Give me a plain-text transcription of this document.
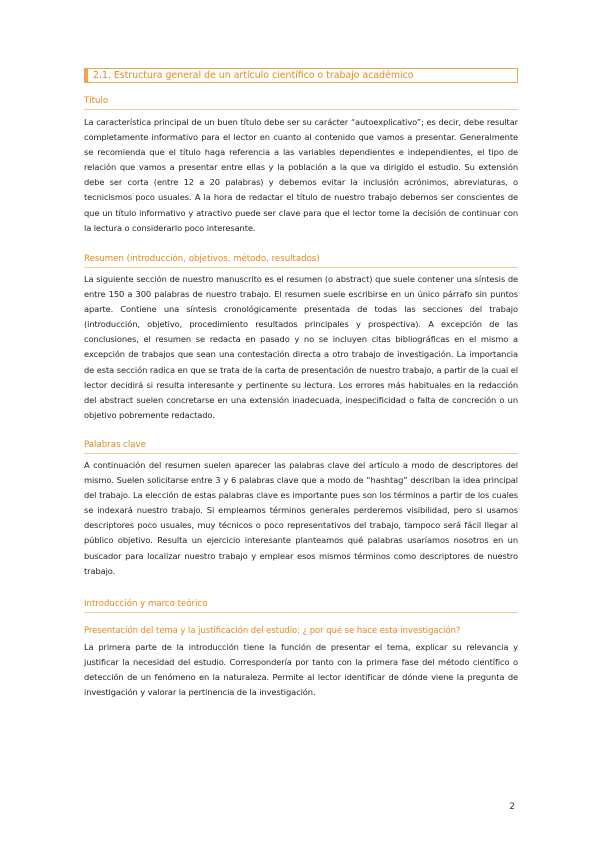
2.1. Estructura general de un artículo científico o trabajo académico
Título

La característica principal de un buen título debe ser su carácter “autoexplicativo”; es decir, debe resultar completamente informativo para el lector en cuanto al contenido que vamos a presentar. Generalmente se recomienda que el título haga referencia a las variables dependientes e independientes, el tipo de relación que vamos a presentar entre ellas y la población a la que va dirigido el estudio. Su extensión debe ser corta (entre 12 a 20 palabras) y debemos evitar la inclusión acrónimos, abreviaturas, o tecnicismos poco usuales. A la hora de redactar el título de nuestro trabajo debemos ser conscientes de que un título informativo y atractivo puede ser clave para que el lector tome la decisión de continuar con la lectura o considerarlo poco interesante.

Resumen (introducción, objetivos, método, resultados)

La siguiente sección de nuestro manuscrito es el resumen (o abstract) que suele contener una síntesis de entre 150 a 300 palabras de nuestro trabajo. El resumen suele escribirse en un único párrafo sin puntos aparte. Contiene una síntesis cronológicamente presentada de todas las secciones del trabajo (introducción, objetivo, procedimiento resultados principales y prospectiva). A excepción de las conclusiones, el resumen se redacta en pasado y no se incluyen citas bibliográficas en el mismo a excepción de trabajos que sean una contestación directa a otro trabajo de investigación. La importancia de esta sección radica en que se trata de la carta de presentación de nuestro trabajo, a partir de la cual el lector decidirá si resulta interesante y pertinente su lectura. Los errores más habituales en la redacción del abstract suelen concretarse en una extensión inadecuada, inespecificidad o falta de concreción o un objetivo pobremente redactado.

Palabras clave

A continuación del resumen suelen aparecer las palabras clave del artículo a modo de descriptores del mismo. Suelen solicitarse entre 3 y 6 palabras clave que a modo de “hashtag” describan la idea principal del trabajo. La elección de estas palabras clave es importante pues son los términos a partir de los cuales se indexará nuestro trabajo. Si empleamos términos generales perderemos visibilidad, pero si usamos descriptores poco usuales, muy técnicos o poco representativos del trabajo, tampoco será fácil llegar al público objetivo. Resulta un ejercicio interesante planteamos qué palabras usaríamos nosotros en un buscador para localizar nuestro trabajo y emplear esos mismos términos como descriptores de nuestro trabajo.

Introducción y marco teórico
Presentación del tema y la justificación del estudio: ¿ por qué se hace esta investigación?

La primera parte de la introducción tiene la función de presentar el tema, explicar su relevancia y justificar la necesidad del estudio. Correspondería por tanto con la primera fase del método científico o detección de un fenómeno en la naturaleza. Permite al lector identificar de dónde viene la pregunta de investigación y valorar la pertinencia de la investigación.

2
